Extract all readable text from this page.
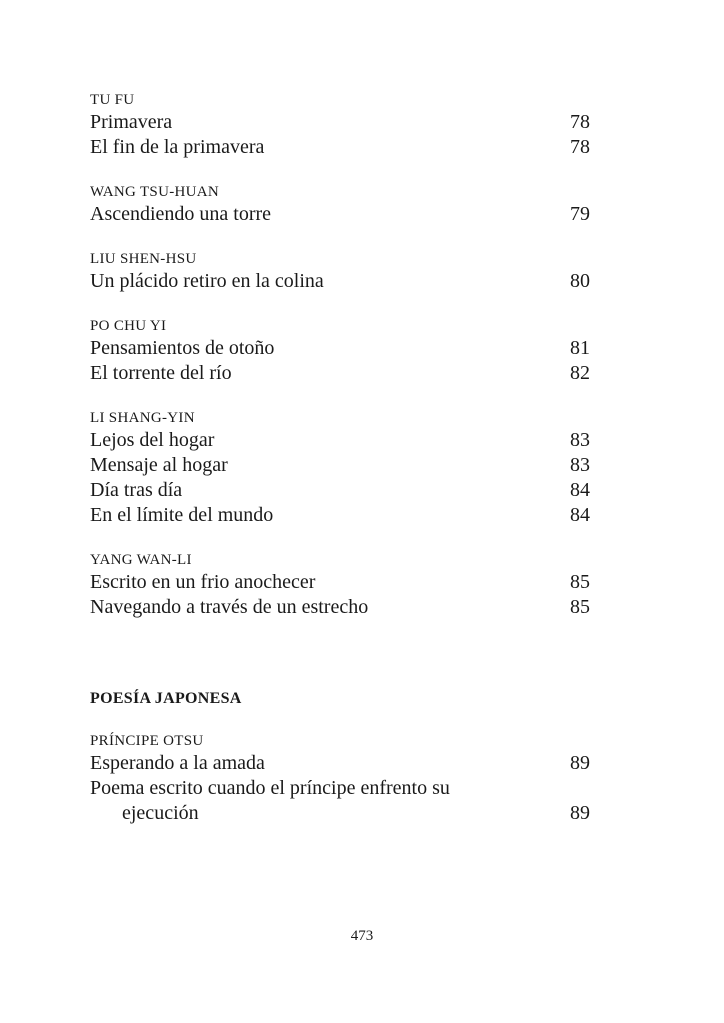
TU FU

Primavera	78
El fin de la primavera	78

WANG TSU-HUAN

Ascendiendo una torre	79

LIU SHEN-HSU

Un plácido retiro en la colina	80

PO CHU YI

Pensamientos de otoño	81
El torrente del río	82

LI SHANG-YIN

Lejos del hogar	83
Mensaje al hogar	83
Día tras día	84
En el límite del mundo	84

YANG WAN-LI

Escrito en un frio anochecer	85
Navegando a través de un estrecho	85

POESÍA JAPONESA

PRÍNCIPE OTSU

Esperando a la amada	89
Poema escrito cuando el príncipe enfrento su
ejecución	89
473
